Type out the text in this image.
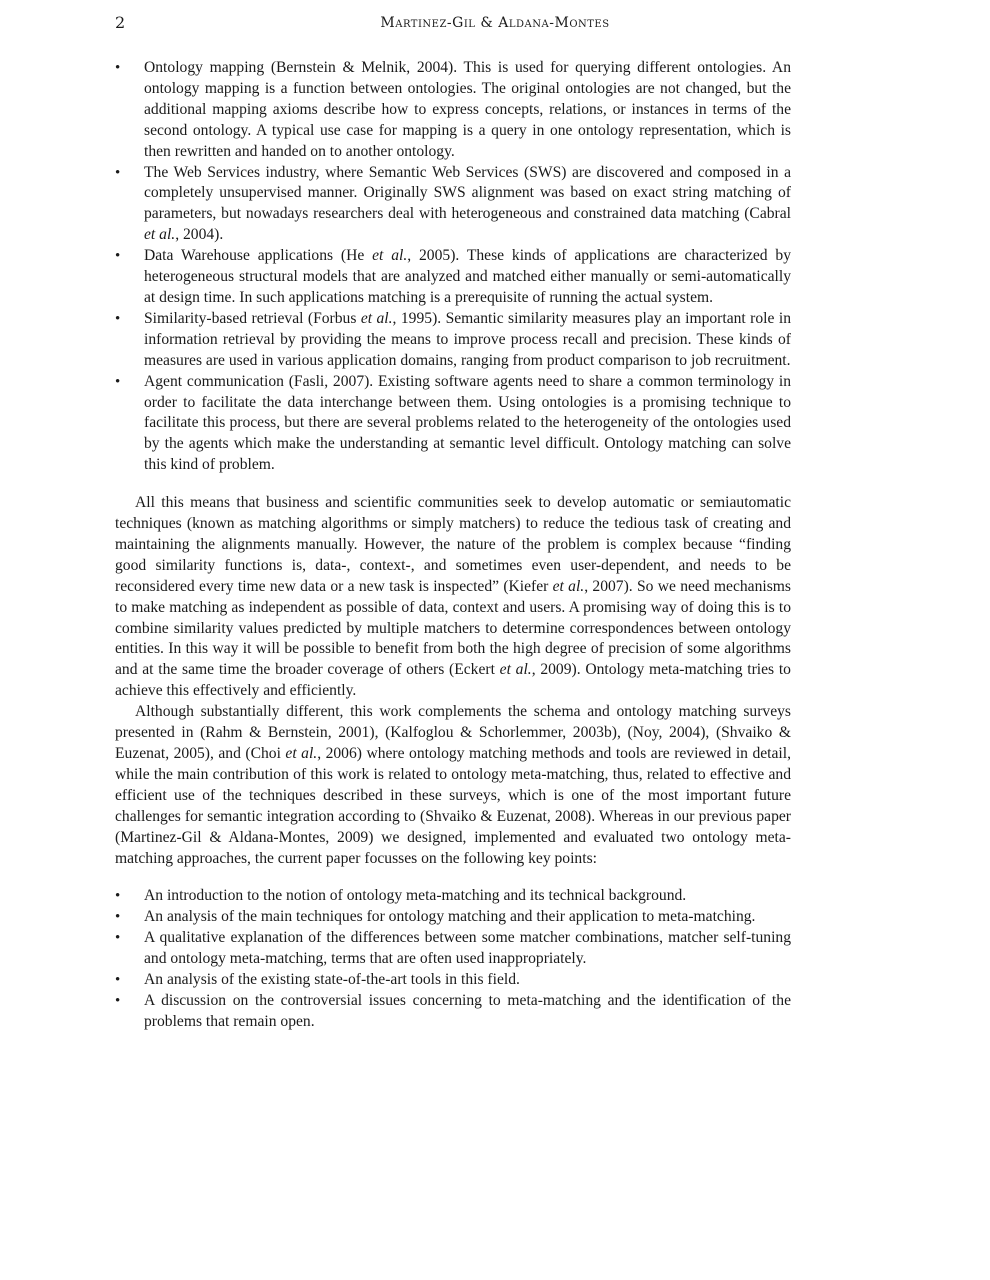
2	Martinez-Gil & Aldana-Montes
• Ontology mapping (Bernstein & Melnik, 2004). This is used for querying different ontologies. An ontology mapping is a function between ontologies. The original ontologies are not changed, but the additional mapping axioms describe how to express concepts, relations, or instances in terms of the second ontology. A typical use case for mapping is a query in one ontology representation, which is then rewritten and handed on to another ontology.
• The Web Services industry, where Semantic Web Services (SWS) are discovered and composed in a completely unsupervised manner. Originally SWS alignment was based on exact string matching of parameters, but nowadays researchers deal with heterogeneous and constrained data matching (Cabral et al., 2004).
• Data Warehouse applications (He et al., 2005). These kinds of applications are characterized by heterogeneous structural models that are analyzed and matched either manually or semi-automatically at design time. In such applications matching is a prerequisite of running the actual system.
• Similarity-based retrieval (Forbus et al., 1995). Semantic similarity measures play an important role in information retrieval by providing the means to improve process recall and precision. These kinds of measures are used in various application domains, ranging from product comparison to job recruitment.
• Agent communication (Fasli, 2007). Existing software agents need to share a common terminology in order to facilitate the data interchange between them. Using ontologies is a promising technique to facilitate this process, but there are several problems related to the heterogeneity of the ontologies used by the agents which make the understanding at semantic level difficult. Ontology matching can solve this kind of problem.

All this means that business and scientific communities seek to develop automatic or semiautomatic techniques (known as matching algorithms or simply matchers) to reduce the tedious task of creating and maintaining the alignments manually. However, the nature of the problem is complex because “finding good similarity functions is, data-, context-, and sometimes even user-dependent, and needs to be reconsidered every time new data or a new task is inspected” (Kiefer et al., 2007). So we need mechanisms to make matching as independent as possible of data, context and users. A promising way of doing this is to combine similarity values predicted by multiple matchers to determine correspondences between ontology entities. In this way it will be possible to benefit from both the high degree of precision of some algorithms and at the same time the broader coverage of others (Eckert et al., 2009). Ontology meta-matching tries to achieve this effectively and efficiently.

Although substantially different, this work complements the schema and ontology matching surveys presented in (Rahm & Bernstein, 2001), (Kalfoglou & Schorlemmer, 2003b), (Noy, 2004), (Shvaiko & Euzenat, 2005), and (Choi et al., 2006) where ontology matching methods and tools are reviewed in detail, while the main contribution of this work is related to ontology meta-matching, thus, related to effective and efficient use of the techniques described in these surveys, which is one of the most important future challenges for semantic integration according to (Shvaiko & Euzenat, 2008). Whereas in our previous paper (Martinez-Gil & Aldana-Montes, 2009) we designed, implemented and evaluated two ontology meta-matching approaches, the current paper focusses on the following key points:

• An introduction to the notion of ontology meta-matching and its technical background.
• An analysis of the main techniques for ontology matching and their application to meta-matching.
• A qualitative explanation of the differences between some matcher combinations, matcher self-tuning and ontology meta-matching, terms that are often used inappropriately.
• An analysis of the existing state-of-the-art tools in this field.
• A discussion on the controversial issues concerning to meta-matching and the identification of the problems that remain open.
